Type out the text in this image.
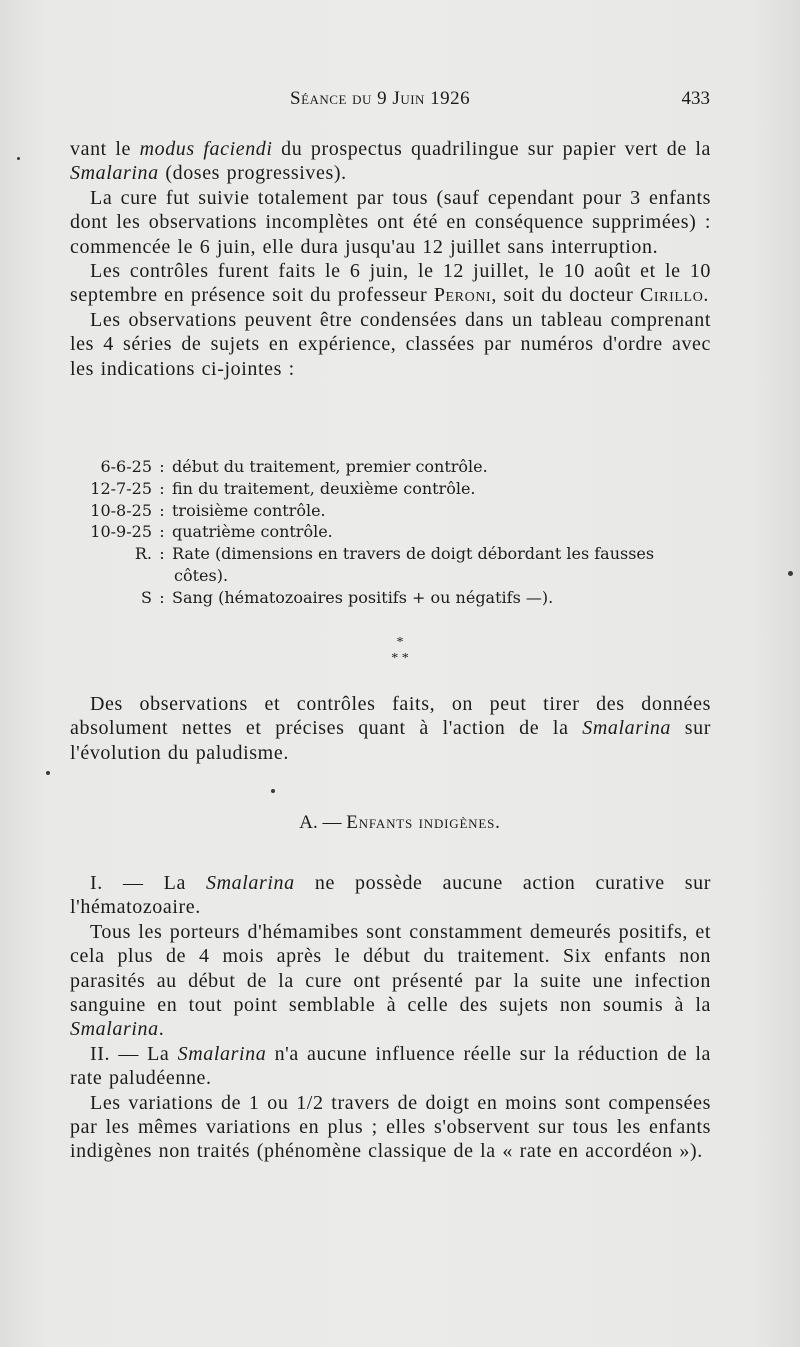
Séance du 9 Juin 1926	433

vant le modus faciendi du prospectus quadrilingue sur papier vert de la Smalarina (doses progressives).

La cure fut suivie totalement par tous (sauf cependant pour 3 enfants dont les observations incomplètes ont été en conséquence supprimées) : commencée le 6 juin, elle dura jusqu'au 12 juillet sans interruption.

Les contrôles furent faits le 6 juin, le 12 juillet, le 10 août et le 10 septembre en présence soit du professeur Peroni, soit du docteur Cirillo.

Les observations peuvent être condensées dans un tableau comprenant les 4 séries de sujets en expérience, classées par numéros d'ordre avec les indications ci-jointes :

6-6-25 : début du traitement, premier contrôle.
12-7-25 : fin du traitement, deuxième contrôle.
10-8-25 : troisième contrôle.
10-9-25 : quatrième contrôle.
R. : Rate (dimensions en travers de doigt débordant les fausses
côtes).
S : Sang (hématozoaires positifs + ou négatifs —).
*
* *

Des observations et contrôles faits, on peut tirer des données absolument nettes et précises quant à l'action de la Smalarina sur l'évolution du paludisme.

A. — Enfants indigènes.

I. — La Smalarina ne possède aucune action curative sur l'hématozoaire.

Tous les porteurs d'hémamibes sont constamment demeurés positifs, et cela plus de 4 mois après le début du traitement. Six enfants non parasités au début de la cure ont présenté par la suite une infection sanguine en tout point semblable à celle des sujets non soumis à la Smalarina.

II. — La Smalarina n'a aucune influence réelle sur la réduction de la rate paludéenne.

Les variations de 1 ou 1/2 travers de doigt en moins sont compensées par les mêmes variations en plus ; elles s'observent sur tous les enfants indigènes non traités (phénomène classique de la « rate en accordéon »).
